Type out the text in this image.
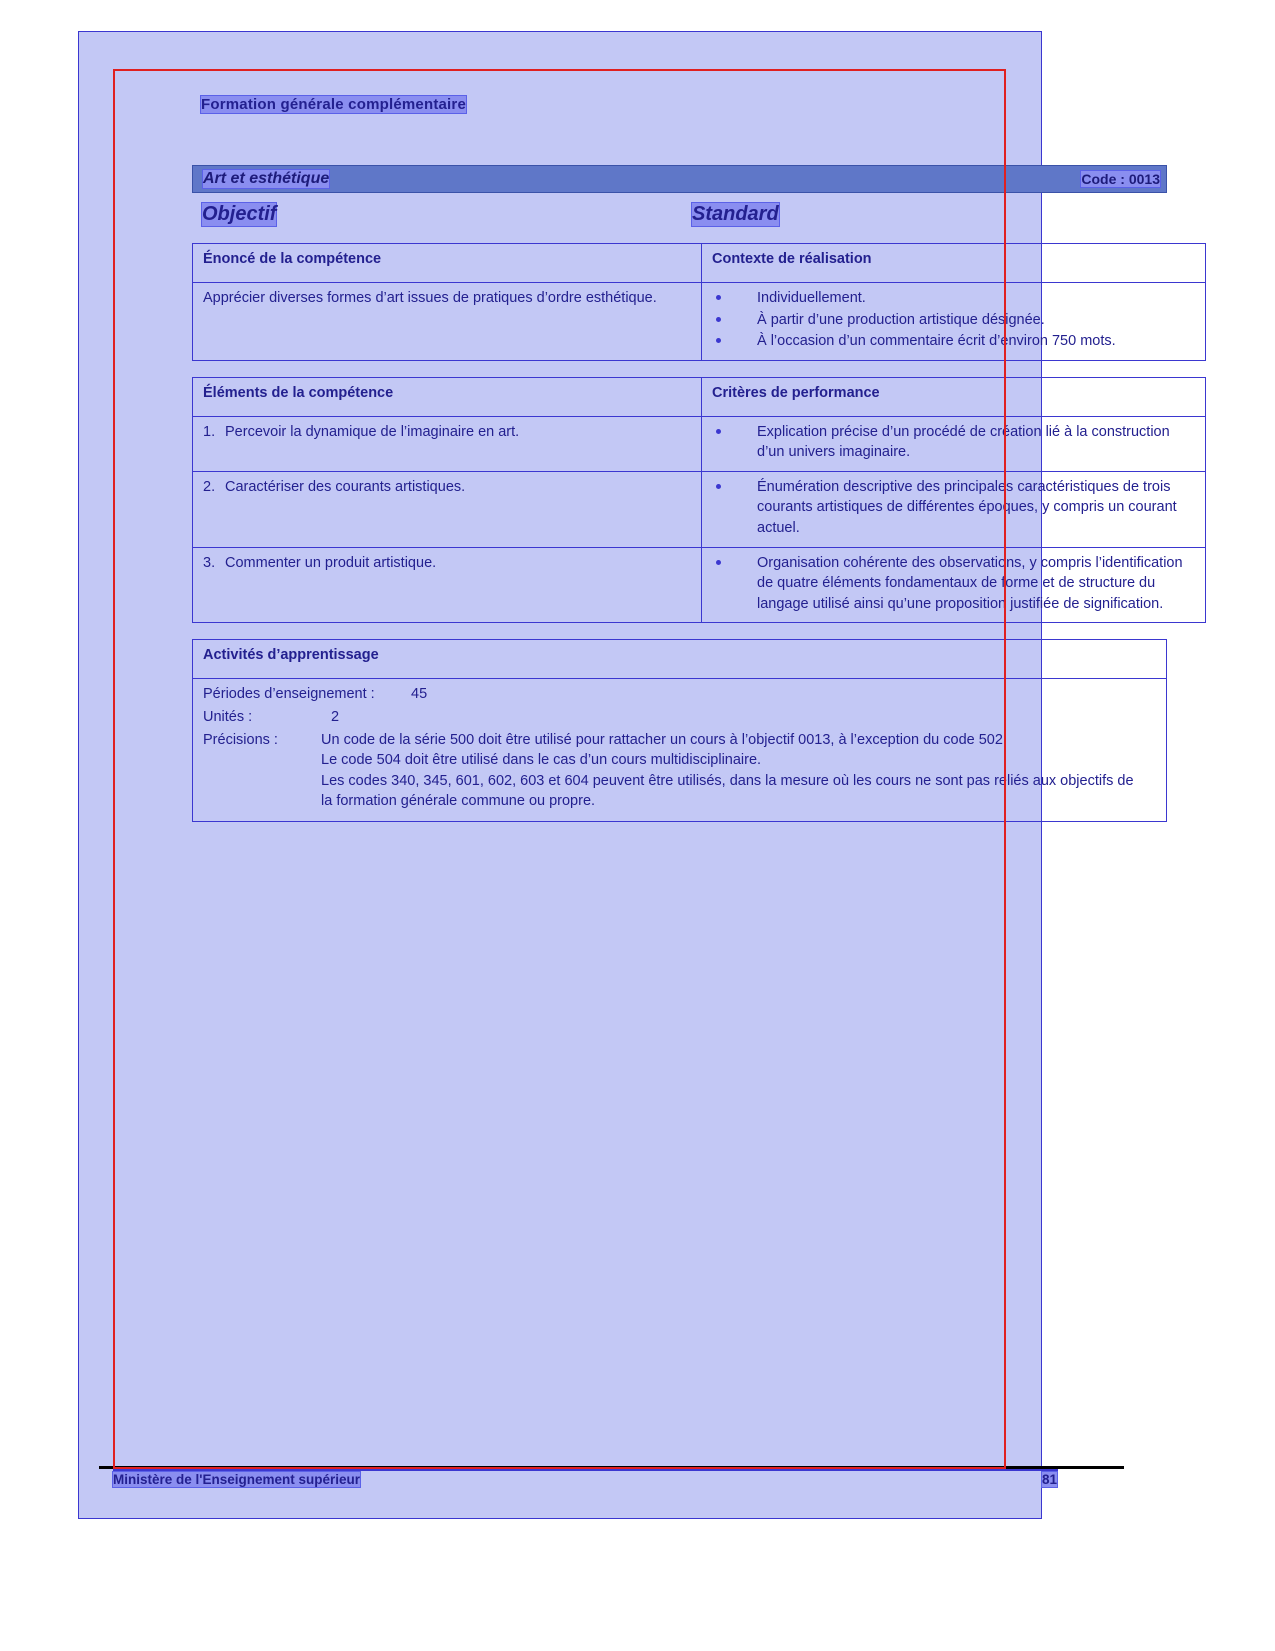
Formation générale complémentaire
Art et esthétique	Code : 0013
Objectif	Standard
Énoncé de la compétence	Contexte de réalisation
Apprécier diverses formes d’art issues de pratiques d’ordre esthétique.	Individuellement.
À partir d’une production artistique désignée.
À l’occasion d’un commentaire écrit d’environ 750 mots.
Éléments de la compétence	Critères de performance

1. Percevoir la dynamique de l’imaginaire en art.	Explication précise d’un procédé de création lié à la construction d’un univers imaginaire.

2. Caractériser des courants artistiques.	Énumération descriptive des principales caractéristiques de trois courants artistiques de différentes époques, y compris un courant actuel.

3. Commenter un produit artistique.	Organisation cohérente des observations, y compris l’identification de quatre éléments fondamentaux de forme et de structure du langage utilisé ainsi qu’une proposition justifiée de signification.
Activités d’apprentissage

Périodes d’enseignement :	45
Unités :	2
Précisions :	Un code de la série 500 doit être utilisé pour rattacher un cours à l’objectif 0013, à l’exception du code 502.
Le code 504 doit être utilisé dans le cas d’un cours multidisciplinaire.
Les codes 340, 345, 601, 602, 603 et 604 peuvent être utilisés, dans la mesure où les cours ne sont pas reliés aux objectifs de la formation générale commune ou propre.
Ministère de l'Enseignement supérieur	81
